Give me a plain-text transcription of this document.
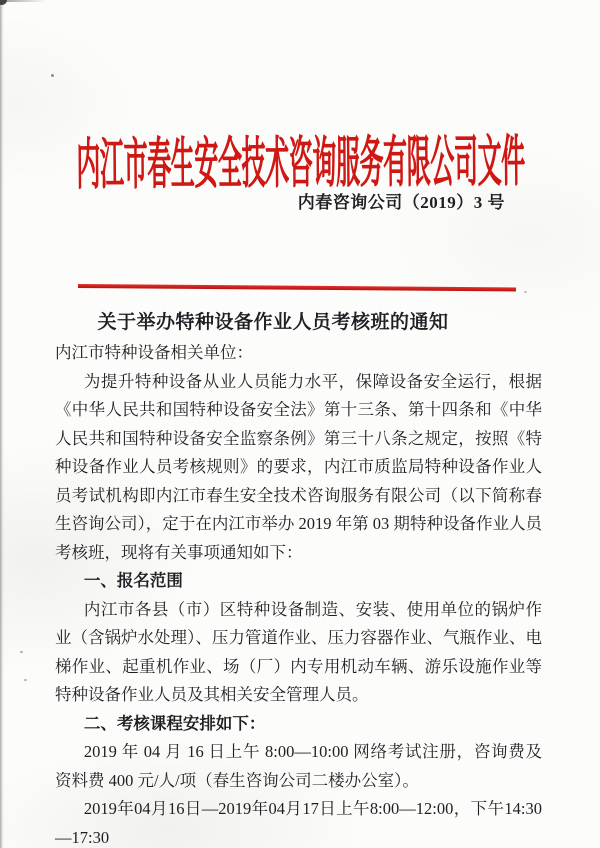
内江市春生安全技术咨询服务有限公司文件
内春咨询公司（2019）3 号
关于举办特种设备作业人员考核班的通知

内江市特种设备相关单位：

为提升特种设备从业人员能力水平，保障设备安全运行，根据《中华人民共和国特种设备安全法》第十三条、第十四条和《中华人民共和国特种设备安全监察条例》第三十八条之规定，按照《特种设备作业人员考核规则》的要求，内江市质监局特种设备作业人员考试机构即内江市春生安全技术咨询服务有限公司（以下简称春生咨询公司），定于在内江市举办 2019 年第 03 期特种设备作业人员考核班，现将有关事项通知如下：

一、报名范围

内江市各县（市）区特种设备制造、安装、使用单位的锅炉作业（含锅炉水处理）、压力管道作业、压力容器作业、气瓶作业、电梯作业、起重机作业、场（厂）内专用机动车辆、游乐设施作业等特种设备作业人员及其相关安全管理人员。

二、考核课程安排如下：

2019 年 04 月 16 日上午 8:00—10:00 网络考试注册，咨询费及资料费 400 元/人/项（春生咨询公司二楼办公室）。

2019年04月16日—2019年04月17日上午8:00—12:00，下午14:30—17:30
